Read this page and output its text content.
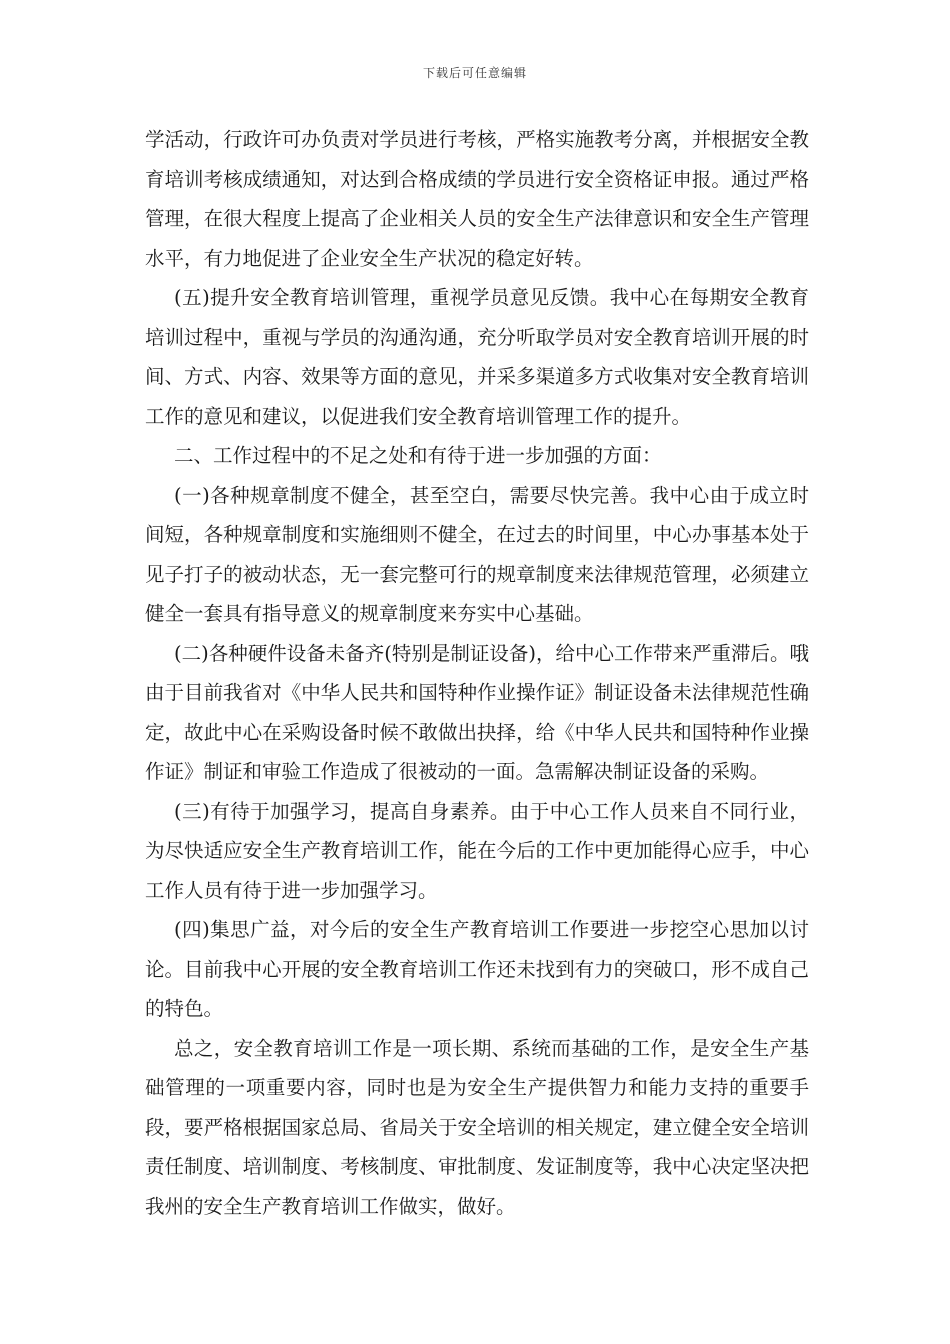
下载后可任意编辑

学活动，行政许可办负责对学员进行考核，严格实施教考分离，并根据安全教育培训考核成绩通知，对达到合格成绩的学员进行安全资格证申报。通过严格管理，在很大程度上提高了企业相关人员的安全生产法律意识和安全生产管理水平，有力地促进了企业安全生产状况的稳定好转。

(五)提升安全教育培训管理，重视学员意见反馈。我中心在每期安全教育培训过程中，重视与学员的沟通沟通，充分听取学员对安全教育培训开展的时间、方式、内容、效果等方面的意见，并采多渠道多方式收集对安全教育培训工作的意见和建议，以促进我们安全教育培训管理工作的提升。

二、工作过程中的不足之处和有待于进一步加强的方面：

(一)各种规章制度不健全，甚至空白，需要尽快完善。我中心由于成立时间短，各种规章制度和实施细则不健全，在过去的时间里，中心办事基本处于见子打子的被动状态，无一套完整可行的规章制度来法律规范管理，必须建立健全一套具有指导意义的规章制度来夯实中心基础。

(二)各种硬件设备未备齐(特别是制证设备)，给中心工作带来严重滞后。哦由于目前我省对《中华人民共和国特种作业操作证》制证设备未法律规范性确定，故此中心在采购设备时候不敢做出抉择，给《中华人民共和国特种作业操作证》制证和审验工作造成了很被动的一面。急需解决制证设备的采购。

(三)有待于加强学习，提高自身素养。由于中心工作人员来自不同行业，为尽快适应安全生产教育培训工作，能在今后的工作中更加能得心应手，中心工作人员有待于进一步加强学习。

(四)集思广益，对今后的安全生产教育培训工作要进一步挖空心思加以讨论。目前我中心开展的安全教育培训工作还未找到有力的突破口，形不成自己的特色。

总之，安全教育培训工作是一项长期、系统而基础的工作，是安全生产基础管理的一项重要内容，同时也是为安全生产提供智力和能力支持的重要手段，要严格根据国家总局、省局关于安全培训的相关规定，建立健全安全培训责任制度、培训制度、考核制度、审批制度、发证制度等，我中心决定坚决把我州的安全生产教育培训工作做实，做好。
